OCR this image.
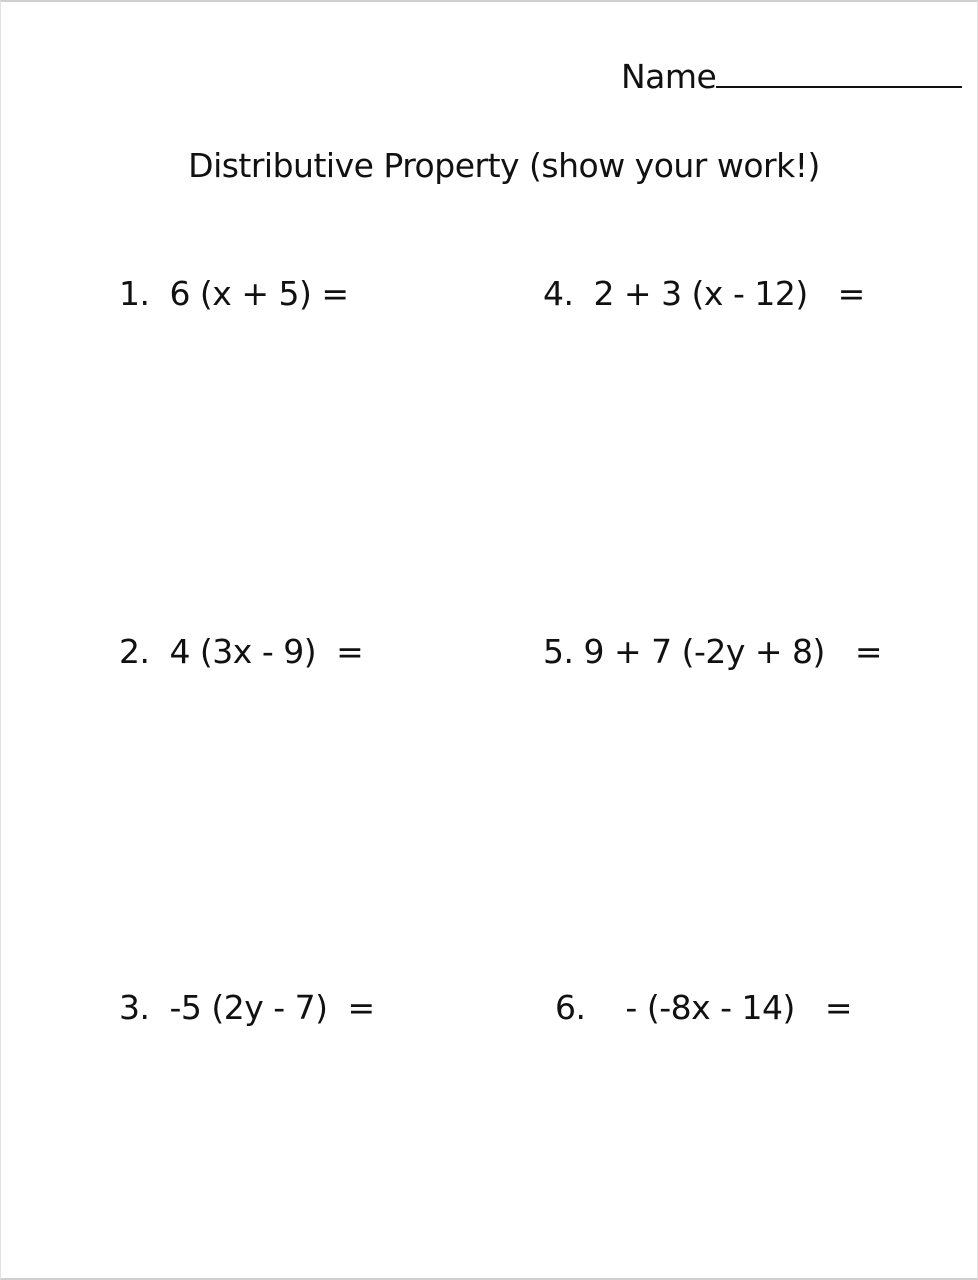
Name
Distributive Property (show your work!)

1.  6 (x + 5) =
	4.  2 + 3 (x - 12)   =

2.  4 (3x - 9)  =
	5. 9 + 7 (-2y + 8)   =

3.  -5 (2y - 7)  =
	6.    - (-8x - 14)   =
